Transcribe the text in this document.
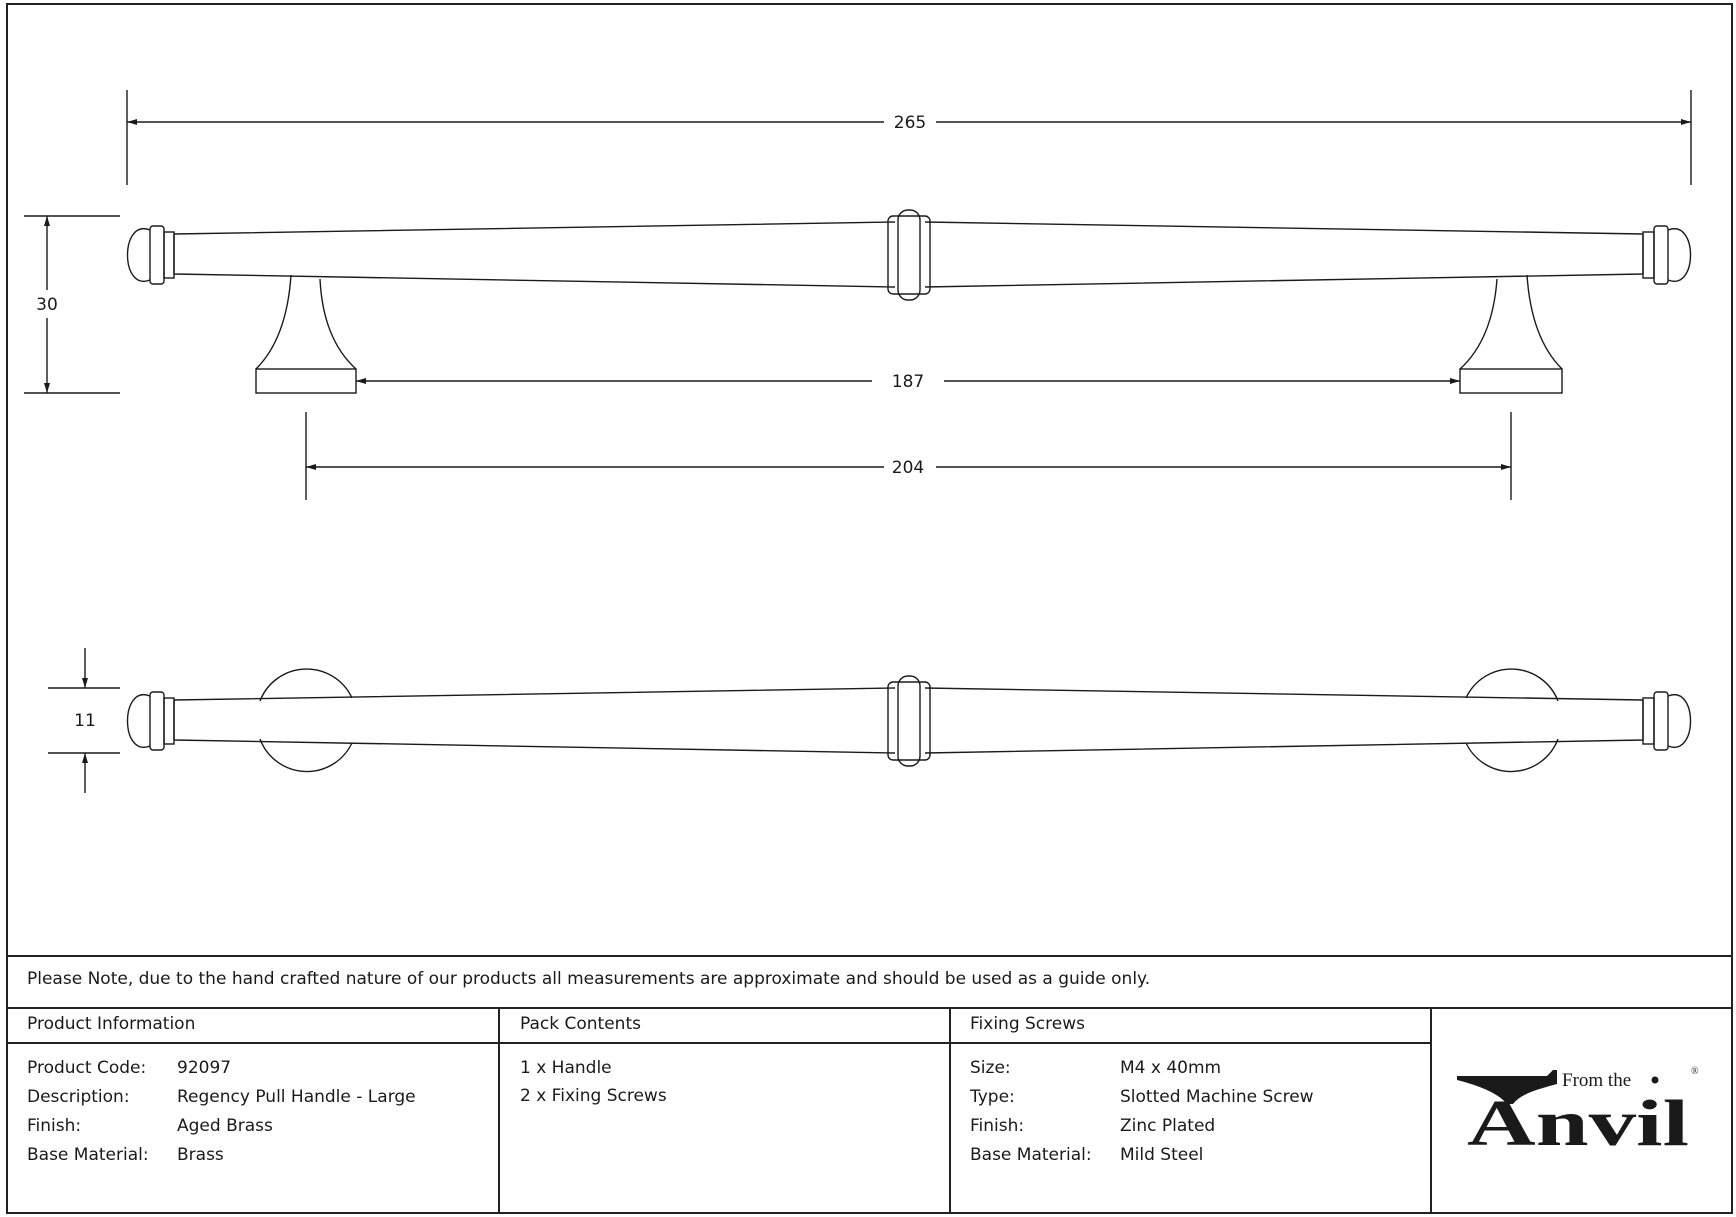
265
30
187
204
11
Please Note, due to the hand crafted nature of our products all measurements are approximate and should be used as a guide only.
Product Information
Product Code: 92097
Description:	Regency Pull Handle - Large
Finish:	Aged Brass
Base Material: Brass
Pack Contents
1 x Handle
2 x Fixing Screws
Fixing Screws
Size:	M4 x 40mm
Type:	Slotted Machine Screw
Finish:	Zinc Plated
Base Material: Mild Steel
From the	®
Anvil
